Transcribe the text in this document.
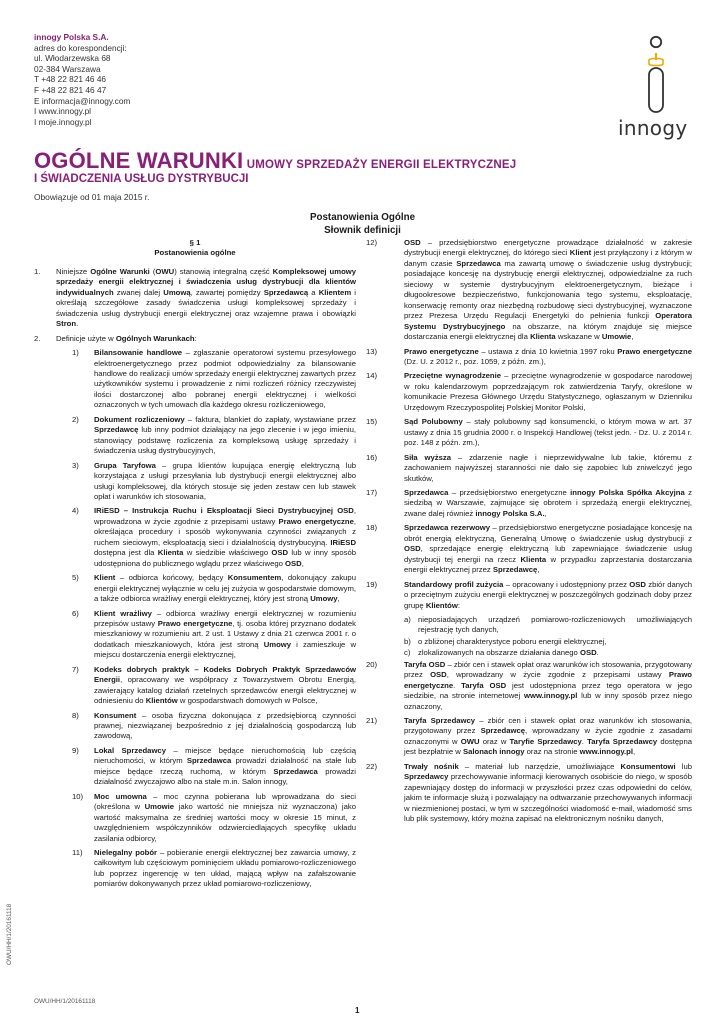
innogy Polska S.A.
adres do korespondencji:
ul. Włodarzewska 68
02-384 Warszawa
T +48 22 821 46 46
F +48 22 821 46 47
E informacja@innogy.com
I www.innogy.pl
I moje.innogy.pl	innogy
OGÓLNE WARUNKI UMOWY SPRZEDAŻY ENERGII ELEKTRYCZNEJ
I ŚWIADCZENIA USŁUG DYSTRYBUCJI
Obowiązuje od 01 maja 2015 r.
Postanowienia Ogólne
Słownik definicji
§ 1
Postanowienia ogólne
1.	Niniejsze Ogólne Warunki (OWU) stanowią integralną część Kompleksowej umowy sprzedaży energii elektrycznej i świadczenia usług dystrybucji dla klientów indywidualnych zwanej dalej Umową, zawartej pomiędzy Sprzedawcą a Klientem i określają szczegółowe zasady świadczenia usługi kompleksowej sprzedaży i świadczenia usług dystrybucji energii elektrycznej oraz wzajemne prawa i obowiązki Stron.
2.	Definicje użyte w Ogólnych Warunkach:
1)	Bilansowanie handlowe – zgłaszanie operatorowi systemu przesyłowego elektroenergetycznego przez podmiot odpowiedzialny za bilansowanie handlowe do realizacji umów sprzedaży energii elektrycznej zawartych przez użytkowników systemu i prowadzenie z nimi rozliczeń różnicy rzeczywistej ilości dostarczonej albo pobranej energii elektrycznej i wielkości oznaczonych w tych umowach dla każdego okresu rozliczeniowego,
2)	Dokument rozliczeniowy – faktura, blankiet do zapłaty, wystawiane przez Sprzedawcę lub inny podmiot działający na jego zlecenie i w jego imieniu, stanowiący podstawę rozliczenia za kompleksową usługę sprzedaży i świadczenia usług dystrybucyjnych,
3)	Grupa Taryfowa – grupa klientów kupująca energię elektryczną lub korzystająca z usługi przesyłania lub dystrybucji energii elektrycznej albo usługi kompleksowej, dla których stosuje się jeden zestaw cen lub stawek opłat i warunków ich stosowania,
4)	IRiESD – Instrukcja Ruchu i Eksploatacji Sieci Dystrybucyjnej OSD, wprowadzona w życie zgodnie z przepisami ustawy Prawo energetyczne, określająca procedury i sposób wykonywania czynności związanych z ruchem sieciowym, eksploatacją sieci i działalnością dystrybucyjną. IRiESD dostępna jest dla Klienta w siedzibie właściwego OSD lub w inny sposób udostępniona do publicznego wglądu przez właściwego OSD,
5)	Klient – odbiorca końcowy, będący Konsumentem, dokonujący zakupu energii elektrycznej wyłącznie w celu jej zużycia w gospodarstwie domowym, a także odbiorca wrażliwy energii elektrycznej, który jest stroną Umowy,
6)	Klient wrażliwy – odbiorca wrażliwy energii elektrycznej w rozumieniu przepisów ustawy Prawo energetyczne, tj. osoba której przyznano dodatek mieszkaniowy w rozumieniu art. 2 ust. 1 Ustawy z dnia 21 czerwca 2001 r. o dodatkach mieszkaniowych, która jest stroną Umowy i zamieszkuje w miejscu dostarczenia energii elektrycznej,
7)	Kodeks dobrych praktyk – Kodeks Dobrych Praktyk Sprzedawców Energii, opracowany we współpracy z Towarzystwem Obrotu Energią, zawierający katalog działań rzetelnych sprzedawców energii elektrycznej w odniesieniu do Klientów w gospodarstwach domowych w Polsce,
8)	Konsument – osoba fizyczna dokonująca z przedsiębiorcą czynności prawnej, niezwiązanej bezpośrednio z jej działalnością gospodarczą lub zawodową,
9)	Lokal Sprzedawcy – miejsce będące nieruchomością lub częścią nieruchomości, w którym Sprzedawca prowadzi działalność na stałe lub miejsce będące rzeczą ruchomą, w którym Sprzedawca prowadzi działalność zwyczajowo albo na stałe m.in. Salon innogy,
10)	Moc umowna – moc czynna pobierana lub wprowadzana do sieci (określona w Umowie jako wartość nie mniejsza niż wyznaczona) jako wartość maksymalna ze średniej wartości mocy w okresie 15 minut, z uwzględnieniem współczynników odzwierciedlających specyfikę układu zasilania odbiorcy,
11)	Nielegalny pobór – pobieranie energii elektrycznej bez zawarcia umowy, z całkowitym lub częściowym pominięciem układu pomiarowo-rozliczeniowego lub poprzez ingerencję w ten układ, mającą wpływ na zafałszowanie pomiarów dokonywanych przez układ pomiarowo-rozliczeniowy,
12)	OSD – przedsiębiorstwo energetyczne prowadzące działalność w zakresie dystrybucji energii elektrycznej, do którego sieci Klient jest przyłączony i z którym w danym czasie Sprzedawca ma zawartą umowę o świadczenie usług dystrybucji; posiadające koncesję na dystrybucję energii elektrycznej, odpowiedzialne za ruch sieciowy w systemie dystrybucyjnym elektroenergetycznym, bieżące i długookresowe bezpieczeństwo, funkcjonowania tego systemu, eksploatację, konserwację remonty oraz niezbędną rozbudowę sieci dystrybucyjnej, wyznaczone przez Prezesa Urzędu Regulacji Energetyki do pełnienia funkcji Operatora Systemu Dystrybucyjnego na obszarze, na którym znajduje się miejsce dostarczania energii elektrycznej dla Klienta wskazane w Umowie,
13)	Prawo energetyczne – ustawa z dnia 10 kwietnia 1997 roku Prawo energetyczne (Dz. U. z 2012 r., poz. 1059, z późn. zm.),
14)	Przeciętne wynagrodzenie – przeciętne wynagrodzenie w gospodarce narodowej w roku kalendarzowym poprzedzającym rok zatwierdzenia Taryfy, określone w komunikacie Prezesa Głównego Urzędu Statystycznego, ogłaszanym w Dzienniku Urzędowym Rzeczypospolitej Polskiej Monitor Polski,
15)	Sąd Polubowny – stały polubowny sąd konsumencki, o którym mowa w art. 37 ustawy z dnia 15 grudnia 2000 r. o Inspekcji Handlowej (tekst jedn. - Dz. U. z 2014 r. poz. 148 z późn. zm.),
16)	Siła wyższa – zdarzenie nagłe i nieprzewidywalne lub takie, któremu z zachowaniem najwyższej staranności nie dało się zapobiec lub zniwelczyć jego skutków,
17)	Sprzedawca – przedsiębiorstwo energetyczne innogy Polska Spółka Akcyjna z siedzibą w Warszawie, zajmujące się obrotem i sprzedażą energii elektrycznej, zwane dalej również innogy Polska S.A.,
18)	Sprzedawca rezerwowy – przedsiębiorstwo energetyczne posiadające koncesję na obrót energią elektryczną, Generalną Umowę o świadczenie usług dystrybucji z OSD, sprzedające energię elektryczną lub zapewniające świadczenie usług dystrybucji tej energii na rzecz Klienta w przypadku zaprzestania dostarczania energii elektrycznej przez Sprzedawcę,
19)	Standardowy profil zużycia – opracowany i udostępniony przez OSD zbiór danych o przeciętnym zużyciu energii elektrycznej w poszczególnych godzinach doby przez grupę Klientów:
a) nieposiadających urządzeń pomiarowo-rozliczeniowych umożliwiających rejestrację tych danych,
b) o zbliżonej charakterystyce poboru energii elektrycznej,
c) zlokalizowanych na obszarze działania danego OSD.
20)	Taryfa OSD – zbiór cen i stawek opłat oraz warunków ich stosowania, przygotowany przez OSD, wprowadzany w życie zgodnie z przepisami ustawy Prawo energetyczne. Taryfa OSD jest udostępniona przez tego operatora w jego siedzibie, na stronie internetowej www.innogy.pl lub w inny sposób przez niego oznaczony,
21)	Taryfa Sprzedawcy – zbiór cen i stawek opłat oraz warunków ich stosowania, przygotowany przez Sprzedawcę, wprowadzany w życie zgodnie z zasadami oznaczonymi w OWU oraz w Taryfie Sprzedawcy. Taryfa Sprzedawcy dostępna jest bezpłatnie w Salonach innogy oraz na stronie www.innogy.pl,
22)	Trwały nośnik – materiał lub narzędzie, umożliwiające Konsumentowi lub Sprzedawcy przechowywanie informacji kierowanych osobiście do niego, w sposób zapewniający dostęp do informacji w przyszłości przez czas odpowiedni do celów, jakim te informacje służą i pozwalający na odtwarzanie przechowywanych informacji w niezmienionej postaci, w tym w szczególności wiadomość e-mail, wiadomość sms lub plik systemowy, który można zapisać na elektronicznym nośniku danych,
OWU/HH/1/20161118
OWU/HH/1/20161118
1
